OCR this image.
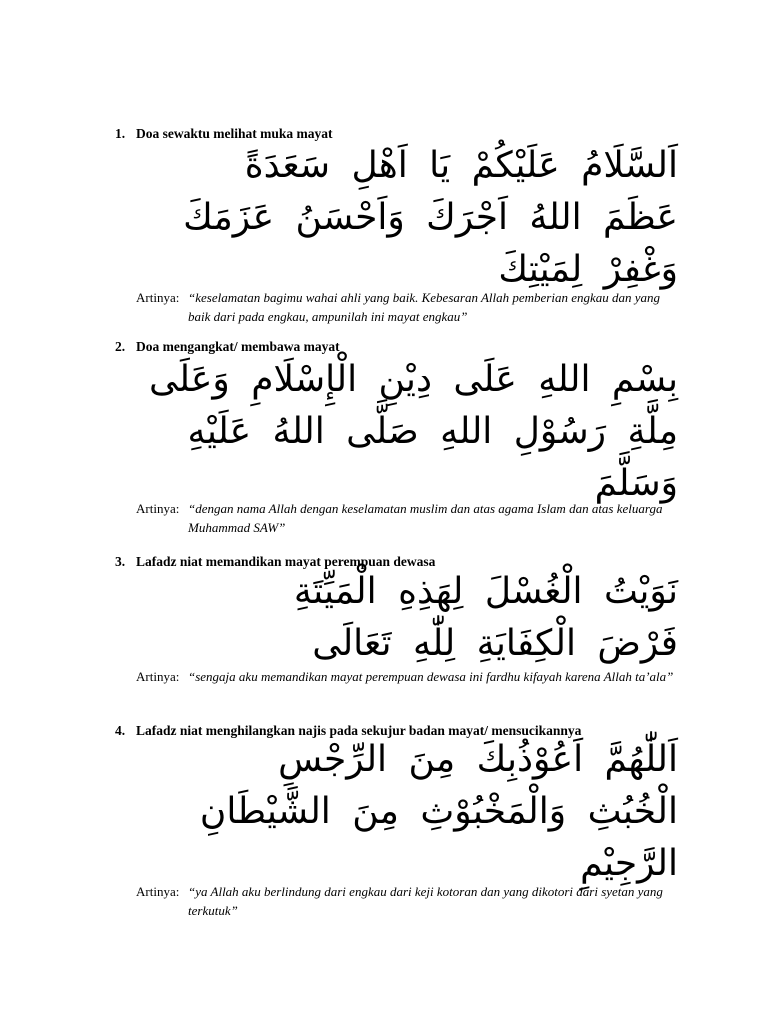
1. Doa sewaktu melihat muka mayat
اَلسَّلَامُ عَلَيْكُمْ يَا اَهْلِ سَعَدَةً
عَظَمَ اللهُ اَجْرَكَ وَاَحْسَنُ عَزَمَكَ
وَغْفِرْ لِمَيْتِكَ
Artinya: “keselamatan bagimu wahai ahli yang baik. Kebesaran Allah pemberian engkau dan yang baik dari pada engkau, ampunilah ini mayat engkau”
2. Doa mengangkat/ membawa mayat
بِسْمِ اللهِ عَلَى دِيْنِ الْإِسْلَامِ وَعَلَى
مِلَّةِ رَسُوْلِ اللهِ صَلَّى اللهُ عَلَيْهِ
وَسَلَّمَ
Artinya: “dengan nama Allah dengan keselamatan muslim dan atas agama Islam dan atas keluarga Muhammad SAW”
3. Lafadz niat memandikan mayat perempuan dewasa
نَوَيْتُ الْغُسْلَ لِهَذِهِ الْمَيِّتَةِ
فَرْضَ الْكِفَايَةِ لِلّٰهِ تَعَالَى
Artinya: “sengaja aku memandikan mayat perempuan dewasa ini fardhu kifayah karena Allah ta’ala”
4. Lafadz niat menghilangkan najis pada sekujur badan mayat/ mensucikannya
اَللّٰهُمَّ اَعُوْذُبِكَ مِنَ الرِّجْسِ
الْخُبُثِ وَالْمَخْبُوْثِ مِنَ الشَّيْطَانِ
الرَّجِيْمِ
Artinya: “ya Allah aku berlindung dari engkau dari keji kotoran dan yang dikotori dari syetan yang terkutuk”
